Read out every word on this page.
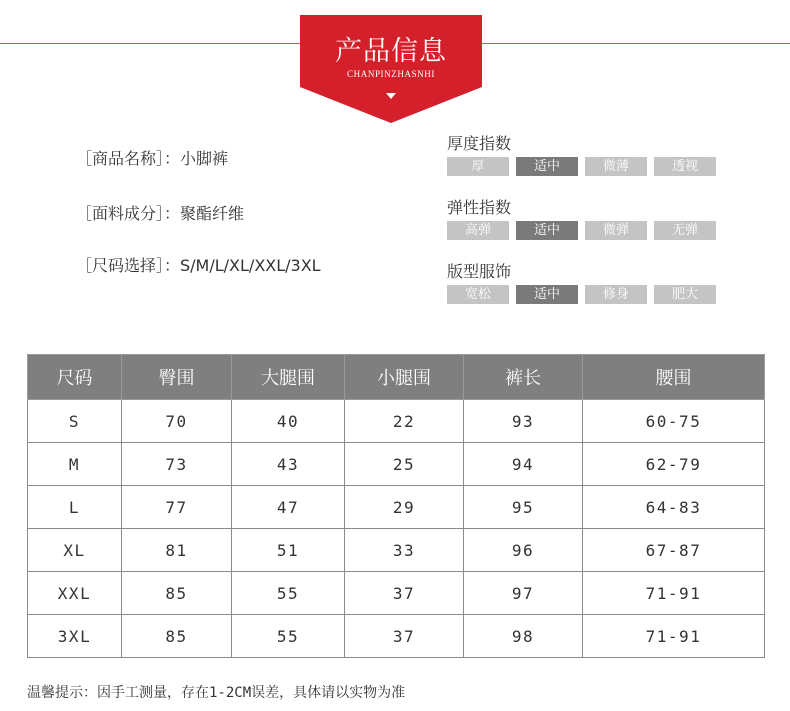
产品信息
CHANPINZHASNHI
［商品名称］：小脚裤
［面料成分］：聚酯纤维
［尺码选择］：S/M/L/XL/XXL/3XL
厚度指数
厚	适中	微薄	透视
弹性指数
高弹	适中	微弹	无弹
版型服饰
宽松	适中	修身	肥大
尺码	臀围	大腿围	小腿围	裤长	腰围
S	70	40	22	93	60-75
M	73	43	25	94	62-79
L	77	47	29	95	64-83
XL	81	51	33	96	67-87
XXL	85	55	37	97	71-91
3XL	85	55	37	98	71-91
温馨提示：因手工测量，存在1-2CM误差，具体请以实物为准
